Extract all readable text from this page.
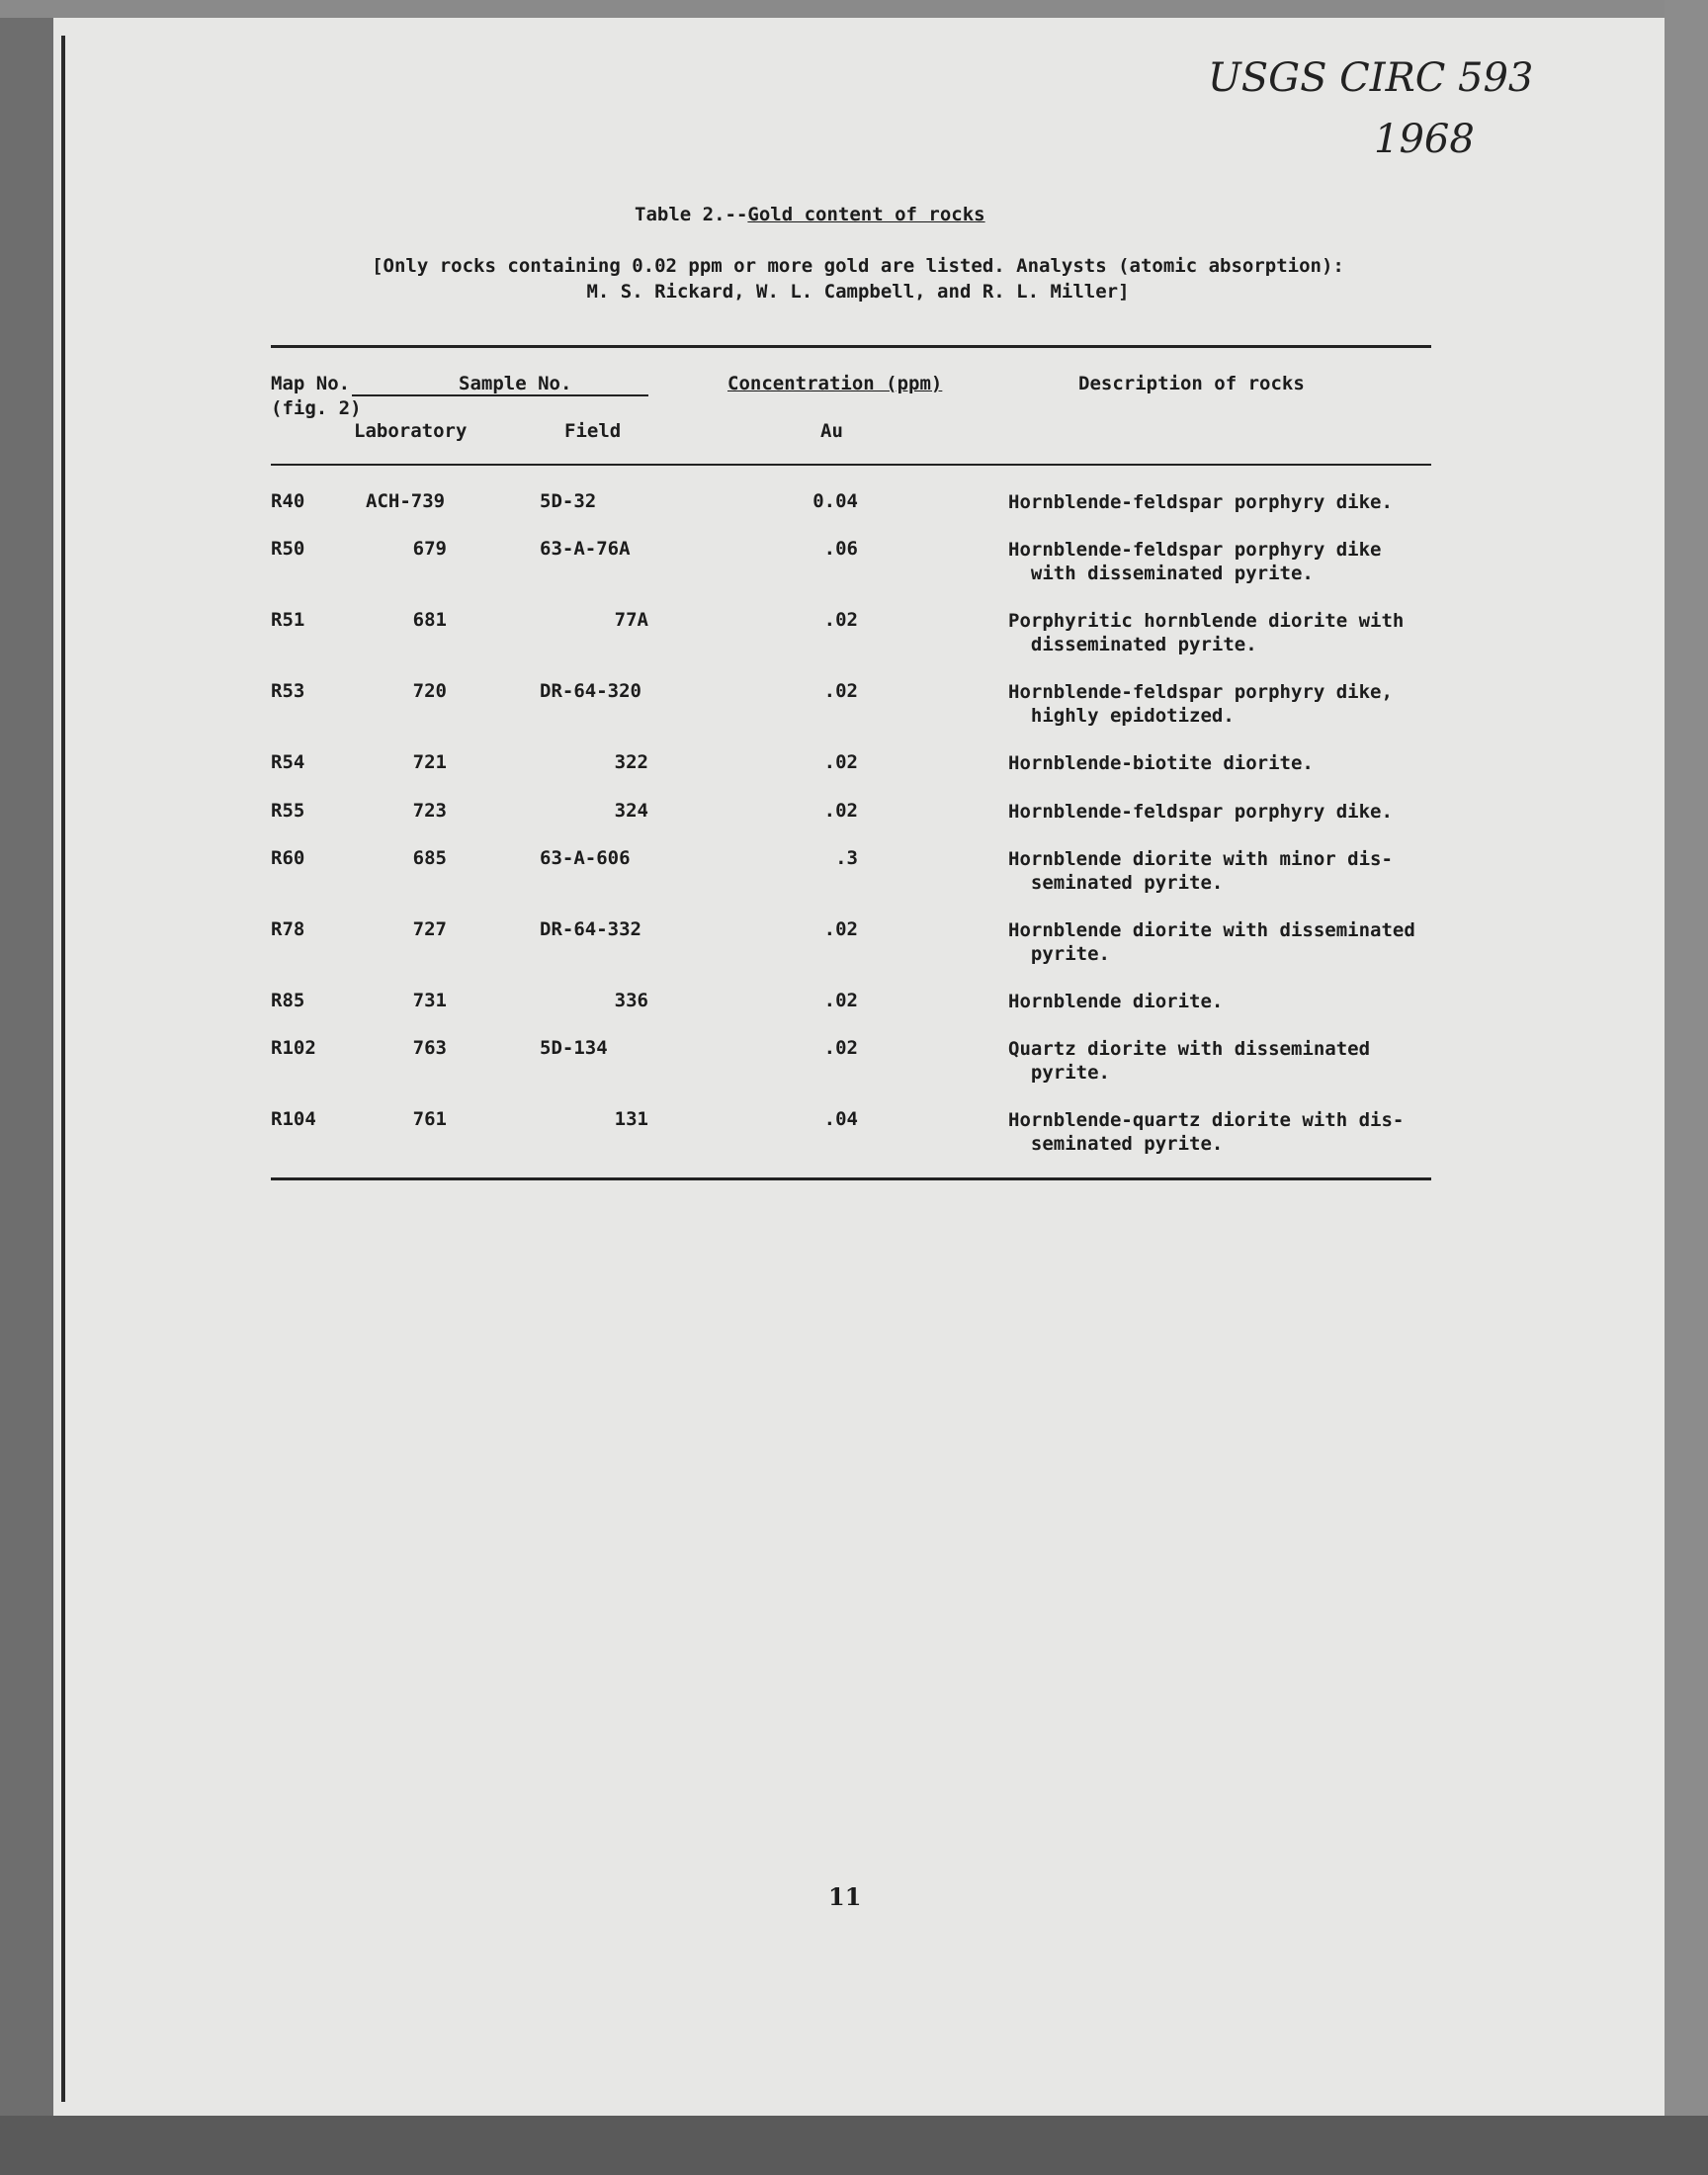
USGS CIRC 593
1968
Table 2.--Gold content of rocks
[Only rocks containing 0.02 ppm or more gold are listed. Analysts (atomic absorption):
M. S. Rickard, W. L. Campbell, and R. L. Miller]
Map No.
(fig. 2)
Sample No.
Laboratory	Field
Concentration (ppm)
Au
Description of rocks
R40	ACH-739	5D-32	0.04	Hornblende-feldspar porphyry dike.
R50	679	63-A-76A	.06	Hornblende-feldspar porphyry dike
with disseminated pyrite.
R51	681	77A	.02	Porphyritic hornblende diorite with
disseminated pyrite.
R53	720	DR-64-320	.02	Hornblende-feldspar porphyry dike,
highly epidotized.
R54	721	322	.02	Hornblende-biotite diorite.
R55	723	324	.02	Hornblende-feldspar porphyry dike.
R60	685	63-A-606	.3	Hornblende diorite with minor dis-
seminated pyrite.
R78	727	DR-64-332	.02	Hornblende diorite with disseminated
pyrite.
R85	731	336	.02	Hornblende diorite.
R102	763	5D-134	.02	Quartz diorite with disseminated
pyrite.
R104	761	131	.04	Hornblende-quartz diorite with dis-
seminated pyrite.
11
